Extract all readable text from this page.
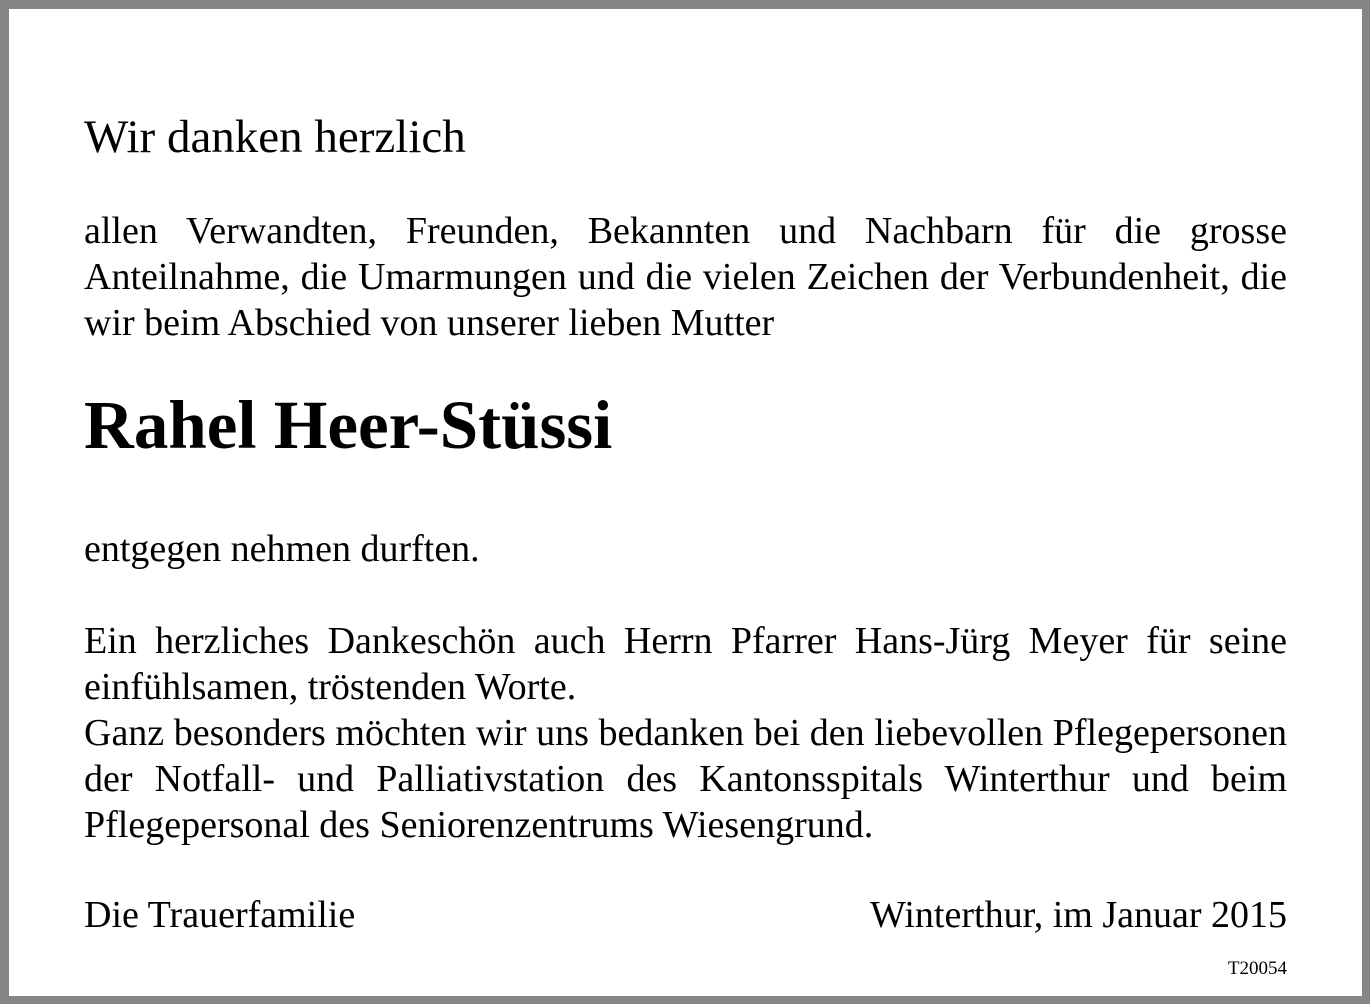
Wir danken herzlich

allen Verwandten, Freunden, Bekannten und Nachbarn für die grosse Anteilnahme, die Umarmungen und die vielen Zeichen der Verbundenheit, die wir beim Abschied von unserer lieben Mutter

Rahel Heer-Stüssi

entgegen nehmen durften.

Ein herzliches Dankeschön auch Herrn Pfarrer Hans-Jürg Meyer für seine einfühlsamen, tröstenden Worte.

Ganz besonders möchten wir uns bedanken bei den liebevollen Pflegepersonen der Notfall- und Palliativstation des Kantonsspitals Winterthur und beim Pflegepersonal des Seniorenzentrums Wiesengrund.

Die Trauerfamilie	Winterthur, im Januar 2015
T20054
